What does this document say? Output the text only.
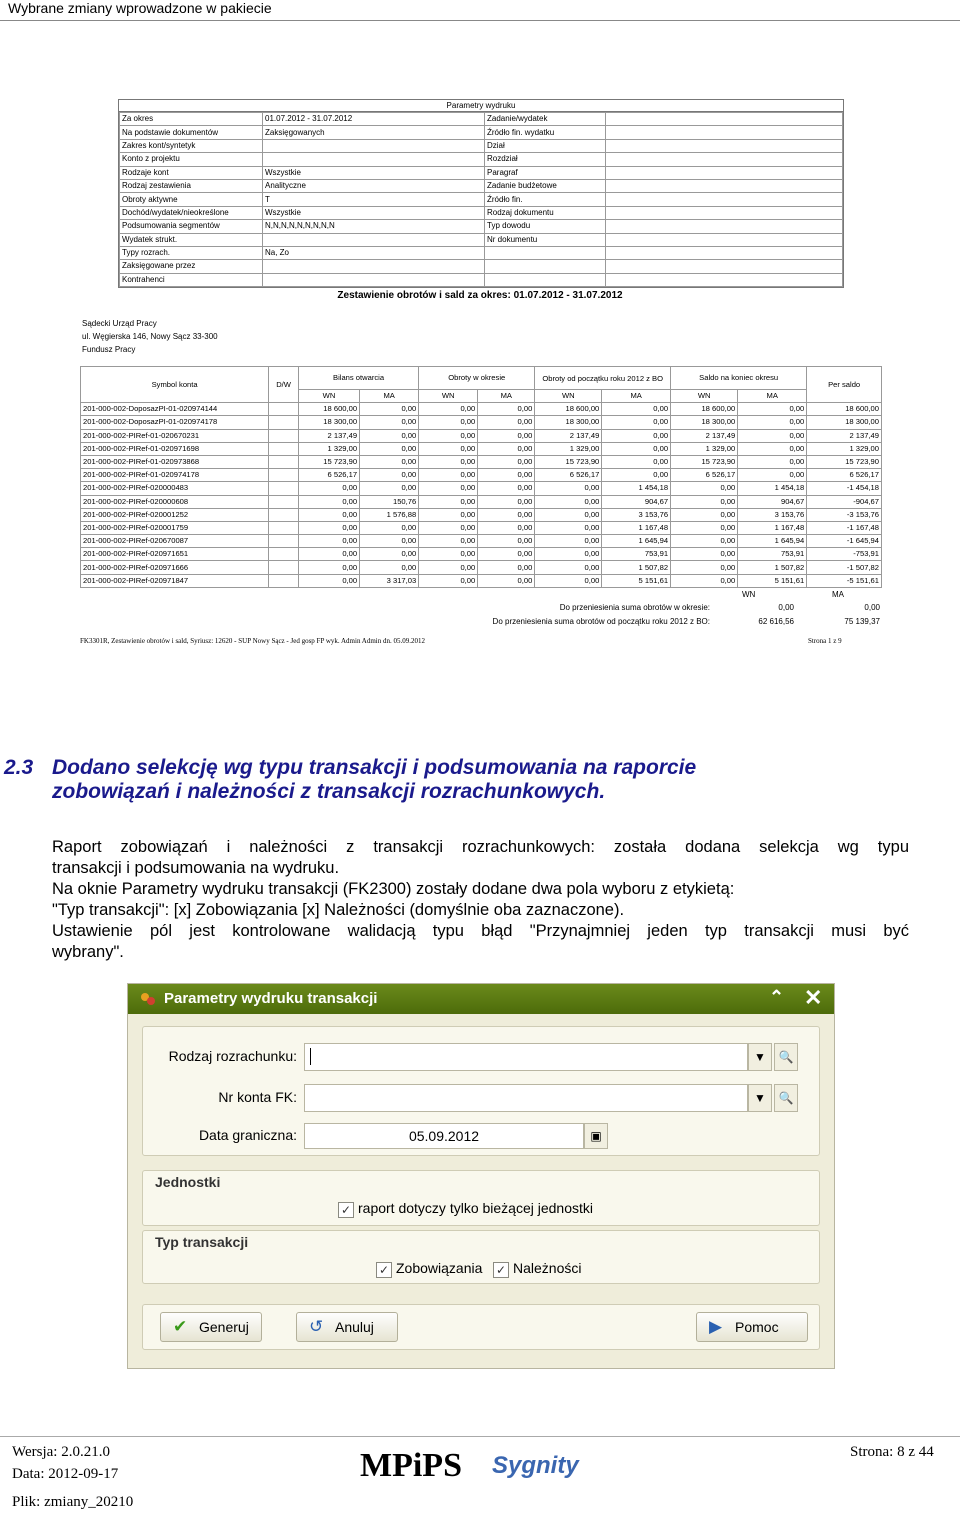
Wybrane zmiany wprowadzone w pakiecie
Parametry wydruku
Za okres	01.07.2012 - 31.07.2012	Zadanie/wydatek	
Na podstawie dokumentów	Zaksięgowanych	Źródło fin. wydatku	
Zakres kont/syntetyk		Dział	
Konto z projektu		Rozdział	
Rodzaje kont	Wszystkie	Paragraf	
Rodzaj zestawienia	Analityczne	Zadanie budżetowe	
Obroty aktywne	T	Źródło fin.	
Dochód/wydatek/nieokreślone	Wszystkie	Rodzaj dokumentu	
Podsumowania segmentów	N,N,N,N,N,N,N,N,N	Typ dowodu	
Wydatek strukt.		Nr dokumentu	
Typy rozrach.	Na, Zo		
Zaksięgowane przez			
Kontrahenci			
Zestawienie obrotów i sald za okres: 01.07.2012 - 31.07.2012
Sądecki Urząd Pracy
ul. Węgierska 146, Nowy Sącz 33-300
Fundusz Pracy
Symbol konta	D/W	Bilans otwarcia		Obroty w okresie		Obroty od początku roku 2012 z BO		Saldo na koniec okresu		Per saldo
		WN	MA	WN	MA	WN	MA	WN	MA	
201-000-002-DoposazPI-01-020974144		18 600,00	0,00	0,00	0,00	18 600,00	0,00	18 600,00	0,00	18 600,00
201-000-002-DoposazPI-01-020974178		18 300,00	0,00	0,00	0,00	18 300,00	0,00	18 300,00	0,00	18 300,00
201-000-002-PIRef-01-020670231		2 137,49	0,00	0,00	0,00	2 137,49	0,00	2 137,49	0,00	2 137,49
201-000-002-PIRef-01-020971698		1 329,00	0,00	0,00	0,00	1 329,00	0,00	1 329,00	0,00	1 329,00
201-000-002-PIRef-01-020973868		15 723,90	0,00	0,00	0,00	15 723,90	0,00	15 723,90	0,00	15 723,90
201-000-002-PIRef-01-020974178		6 526,17	0,00	0,00	0,00	6 526,17	0,00	6 526,17	0,00	6 526,17
201-000-002-PIRef-020000483		0,00	0,00	0,00	0,00	0,00	1 454,18	0,00	1 454,18	-1 454,18
201-000-002-PIRef-020000608		0,00	150,76	0,00	0,00	0,00	904,67	0,00	904,67	-904,67
201-000-002-PIRef-020001252		0,00	1 576,88	0,00	0,00	0,00	3 153,76	0,00	3 153,76	-3 153,76
201-000-002-PIRef-020001759		0,00	0,00	0,00	0,00	0,00	1 167,48	0,00	1 167,48	-1 167,48
201-000-002-PIRef-020670087		0,00	0,00	0,00	0,00	0,00	1 645,94	0,00	1 645,94	-1 645,94
201-000-002-PIRef-020971651		0,00	0,00	0,00	0,00	0,00	753,91	0,00	753,91	-753,91
201-000-002-PIRef-020971666		0,00	0,00	0,00	0,00	0,00	1 507,82	0,00	1 507,82	-1 507,82
201-000-002-PIRef-020971847		0,00	3 317,03	0,00	0,00	0,00	5 151,61	0,00	5 151,61	-5 151,61
WN	MA
Do przeniesienia suma obrotów w okresie:	0,00	0,00
Do przeniesienia suma obrotów od początku roku 2012 z BO:	62 616,56	75 139,37
FK3301R, Zestawienie obrotów i sald, Syriusz: 12620 - SUP Nowy Sącz - Jed gosp FP wyk. Admin Admin dn. 05.09.2012	Strona 1 z 9
2.3 Dodano selekcję wg typu transakcji i podsumowania na raporcie
zobowiązań i należności z transakcji rozrachunkowych.
Raport zobowiązań i należności z transakcji rozrachunkowych: została dodana selekcja wg typu
transakcji i podsumowania na wydruku.
Na oknie Parametry wydruku transakcji (FK2300) zostały dodane dwa pola wyboru z etykietą:
"Typ transakcji": [x] Zobowiązania [x] Należności (domyślnie oba zaznaczone).
Ustawienie pól jest kontrolowane walidacją typu błąd "Przynajmniej jeden typ transakcji musi być
wybrany".
Parametry wydruku transakcji	⌃ ✕
Rodzaj rozrachunku:	▼	🔍
Nr konta FK:	▼	🔍
Data graniczna:	05.09.2012	▣
Jednostki
✓ raport dotyczy tylko bieżącej jednostki
Typ transakcji
✓ Zobowiązania ✓ Należności
✔ Generuj	↺ Anuluj	▶ Pomoc
Wersja: 2.0.21.0
Data: 2012-09-17
Plik: zmiany_20210
MPiPS Sygnity	Strona: 8 z 44
